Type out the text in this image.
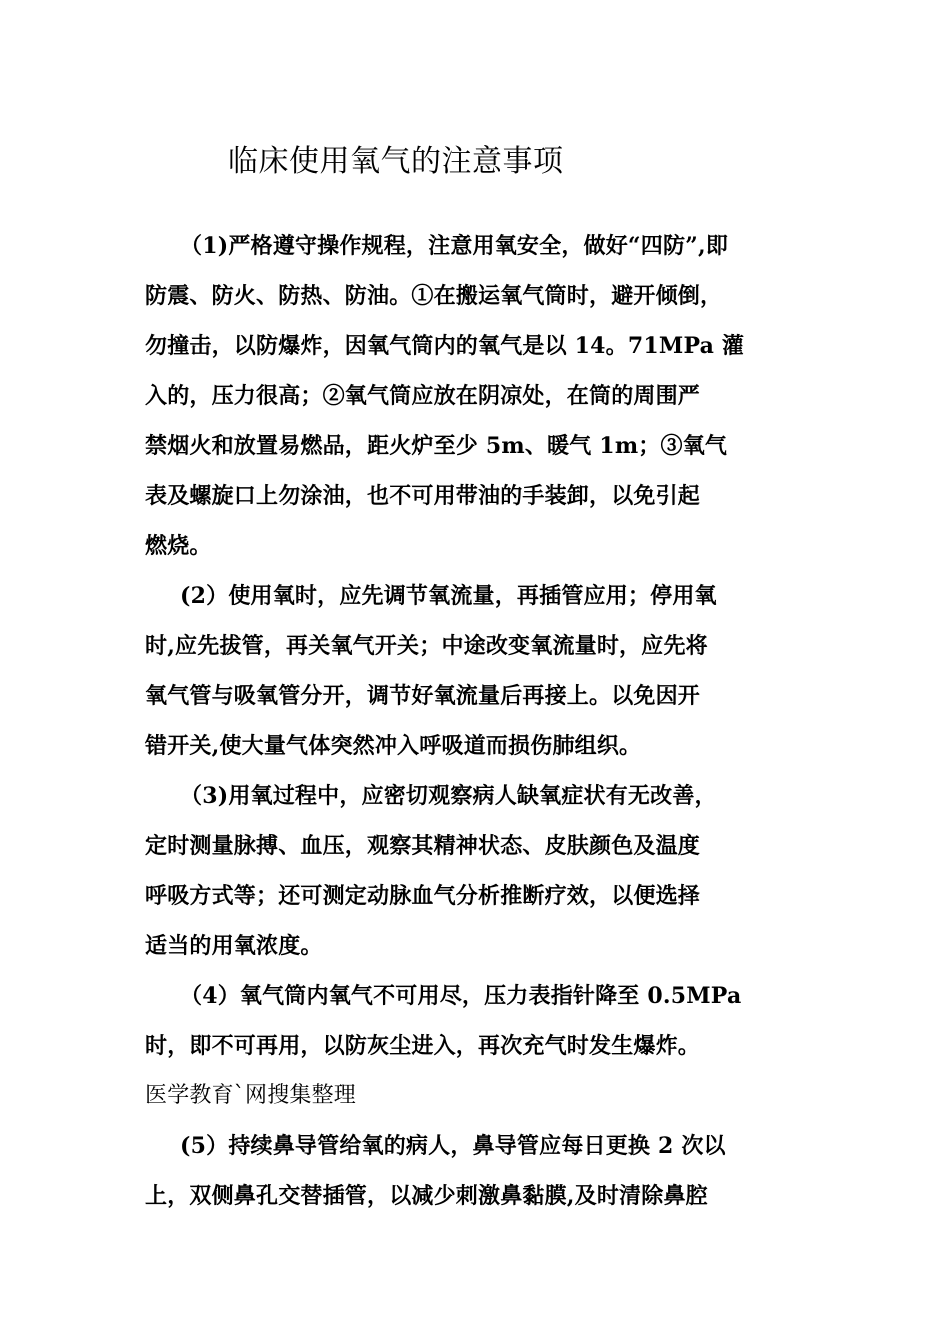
临床使用氧气的注意事项
（1)严格遵守操作规程，注意用氧安全，做好“四防”,即
防震、防火、防热、防油。①在搬运氧气筒时，避开倾倒，
勿撞击，以防爆炸，因氧气筒内的氧气是以 14。71MPa 灌
入的，压力很高；②氧气筒应放在阴凉处，在筒的周围严
禁烟火和放置易燃品，距火炉至少 5m、暖气 1m；③氧气
表及螺旋口上勿涂油，也不可用带油的手装卸，以免引起
燃烧。
(2）使用氧时，应先调节氧流量，再插管应用；停用氧
时,应先拔管，再关氧气开关；中途改变氧流量时，应先将
氧气管与吸氧管分开，调节好氧流量后再接上。以免因开
错开关,使大量气体突然冲入呼吸道而损伤肺组织。
（3)用氧过程中，应密切观察病人缺氧症状有无改善，
定时测量脉搏、血压，观察其精神状态、皮肤颜色及温度
呼吸方式等；还可测定动脉血气分析推断疗效，以便选择
适当的用氧浓度。
（4）氧气筒内氧气不可用尽，压力表指针降至 0.5MPa
时，即不可再用，以防灰尘进入，再次充气时发生爆炸。
医学教育`网搜集整理
(5）持续鼻导管给氧的病人，鼻导管应每日更换 2 次以
上，双侧鼻孔交替插管，以减少刺激鼻黏膜,及时清除鼻腔
